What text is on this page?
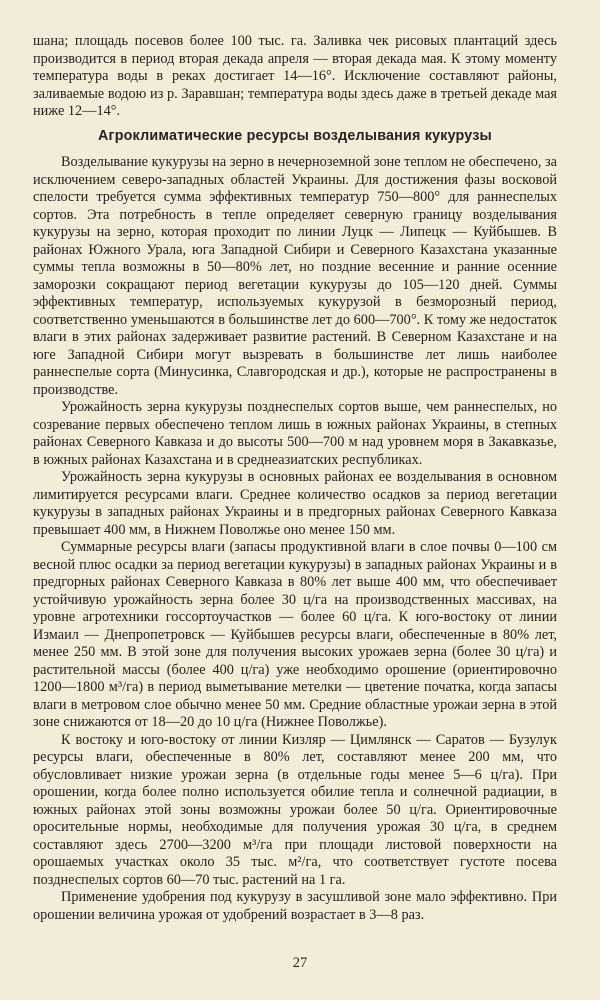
шана; площадь посевов более 100 тыс. га. Заливка чек рисовых плантаций здесь производится в период вторая декада апреля — вторая декада мая. К этому моменту температура воды в реках достигает 14—16°. Исключение составляют районы, заливаемые водою из р. Заравшан; температура воды здесь даже в третьей декаде мая ниже 12—14°.

Агроклиматические ресурсы возделывания кукурузы

Возделывание кукурузы на зерно в нечерноземной зоне теплом не обеспечено, за исключением северо-западных областей Украины. Для достижения фазы восковой спелости требуется сумма эффективных температур 750—800° для раннеспелых сортов. Эта потребность в тепле определяет северную границу возделывания кукурузы на зерно, которая проходит по линии Луцк — Липецк — Куйбышев. В районах Южного Урала, юга Западной Сибири и Северного Казахстана указанные суммы тепла возможны в 50—80% лет, но поздние весенние и ранние осенние заморозки сокращают период вегетации кукурузы до 105—120 дней. Суммы эффективных температур, используемых кукурузой в безморозный период, соответственно уменьшаются в большинстве лет до 600—700°. К тому же недостаток влаги в этих районах задерживает развитие растений. В Северном Казахстане и на юге Западной Сибири могут вызревать в большинстве лет лишь наиболее раннеспелые сорта (Минусинка, Славгородская и др.), которые не распространены в производстве.

Урожайность зерна кукурузы позднеспелых сортов выше, чем раннеспелых, но созревание первых обеспечено теплом лишь в южных районах Украины, в степных районах Северного Кавказа и до высоты 500—700 м над уровнем моря в Закавказье, в южных районах Казахстана и в среднеазиатских республиках.

Урожайность зерна кукурузы в основных районах ее возделывания в основном лимитируется ресурсами влаги. Среднее количество осадков за период вегетации кукурузы в западных районах Украины и в предгорных районах Северного Кавказа превышает 400 мм, в Нижнем Поволжье оно менее 150 мм.

Суммарные ресурсы влаги (запасы продуктивной влаги в слое почвы 0—100 см весной плюс осадки за период вегетации кукурузы) в западных районах Украины и в предгорных районах Северного Кавказа в 80% лет выше 400 мм, что обеспечивает устойчивую урожайность зерна более 30 ц/га на производственных массивах, на уровне агротехники госсортоучастков — более 60 ц/га. К юго-востоку от линии Измаил — Днепропетровск — Куйбышев ресурсы влаги, обеспеченные в 80% лет, менее 250 мм. В этой зоне для получения высоких урожаев зерна (более 30 ц/га) и растительной массы (более 400 ц/га) уже необходимо орошение (ориентировочно 1200—1800 м³/га) в период выметывание метелки — цветение початка, когда запасы влаги в метровом слое обычно менее 50 мм. Средние областные урожаи зерна в этой зоне снижаются от 18—20 до 10 ц/га (Нижнее Поволжье).

К востоку и юго-востоку от линии Кизляр — Цимлянск — Саратов — Бузулук ресурсы влаги, обеспеченные в 80% лет, составляют менее 200 мм, что обусловливает низкие урожаи зерна (в отдельные годы менее 5—6 ц/га). При орошении, когда более полно используется обилие тепла и солнечной радиации, в южных районах этой зоны возможны урожаи более 50 ц/га. Ориентировочные оросительные нормы, необходимые для получения урожая 30 ц/га, в среднем составляют здесь 2700—3200 м³/га при площади листовой поверхности на орошаемых участках около 35 тыс. м²/га, что соответствует густоте посева позднеспелых сортов 60—70 тыс. растений на 1 га.

Применение удобрения под кукурузу в засушливой зоне мало эффективно. При орошении величина урожая от удобрений возрастает в 3—8 раз.

27
